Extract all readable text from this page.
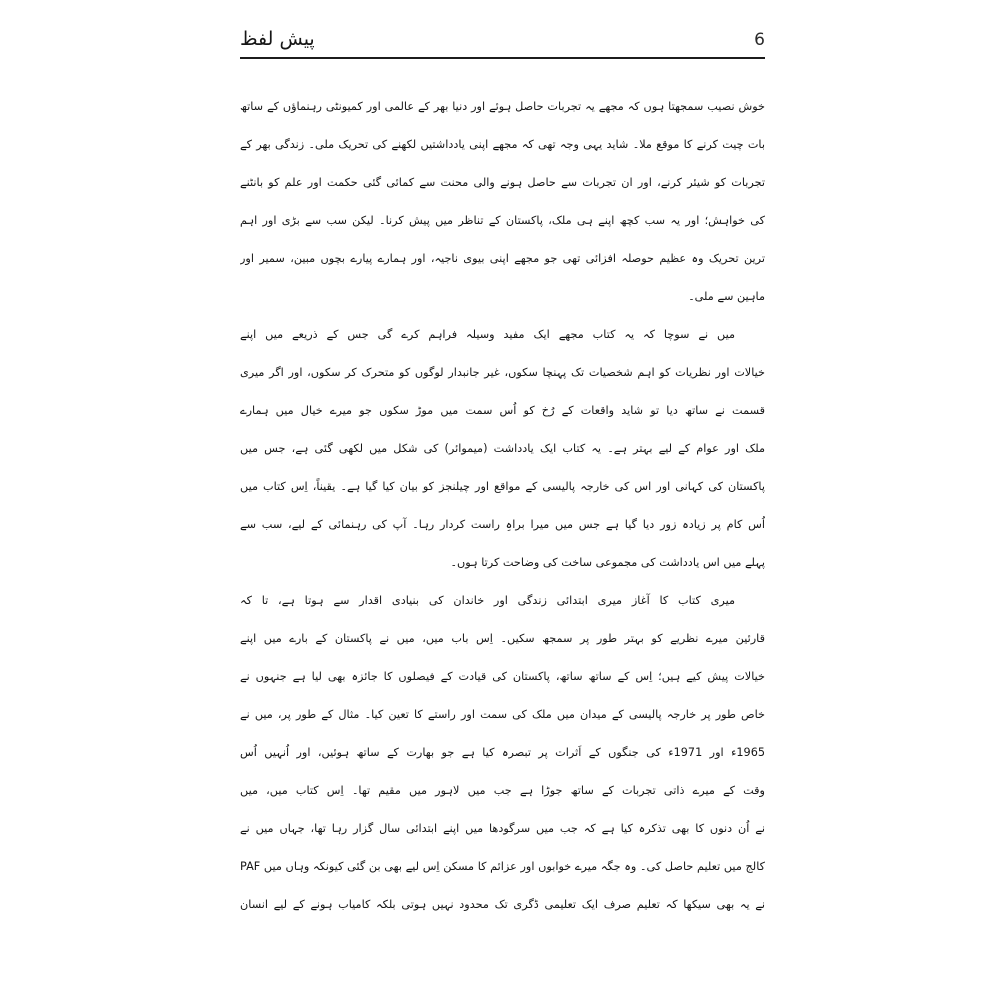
پیش لفظ	6
خوش نصیب سمجھتا ہوں کہ مجھے یہ تجربات حاصل ہوئے اور دنیا بھر کے عالمی اور کمیونٹی رہنماؤں کے ساتھ
بات چیت کرنے کا موقع ملا۔ شاید یہی وجہ تھی کہ مجھے اپنی یادداشتیں لکھنے کی تحریک ملی۔ زندگی بھر کے
تجربات کو شیئر کرنے، اور ان تجربات سے حاصل ہونے والی محنت سے کمائی گئی حکمت اور علم کو بانٹنے
کی خواہش؛ اور یہ سب کچھ اپنے ہی ملک، پاکستان کے تناظر میں پیش کرنا۔ لیکن سب سے بڑی اور اہم
ترین تحریک وہ عظیم حوصلہ افزائی تھی جو مجھے اپنی بیوی ناجیہ، اور ہمارے پیارے بچوں مبین، سمیر اور
ماہین سے ملی۔
میں نے سوچا کہ یہ کتاب مجھے ایک مفید وسیلہ فراہم کرے گی جس کے ذریعے میں اپنے
خیالات اور نظریات کو اہم شخصیات تک پہنچا سکوں، غیر جانبدار لوگوں کو متحرک کر سکوں، اور اگر میری
قسمت نے ساتھ دیا تو شاید واقعات کے رُخ کو اُس سمت میں موڑ سکوں جو میرے خیال میں ہمارے
ملک اور عوام کے لیے بہتر ہے۔ یہ کتاب ایک یادداشت (میموائر) کی شکل میں لکھی گئی ہے، جس میں
پاکستان کی کہانی اور اس کی خارجہ پالیسی کے مواقع اور چیلنجز کو بیان کیا گیا ہے۔ یقیناً، اِس کتاب میں
اُس کام پر زیادہ زور دیا گیا ہے جس میں میرا براہِ راست کردار رہا۔ آپ کی رہنمائی کے لیے، سب سے
پہلے میں اس یادداشت کی مجموعی ساخت کی وضاحت کرتا ہوں۔
میری کتاب کا آغاز میری ابتدائی زندگی اور خاندان کی بنیادی اقدار سے ہوتا ہے، تا کہ
قارئین میرے نظریے کو بہتر طور پر سمجھ سکیں۔ اِس باب میں، میں نے پاکستان کے بارے میں اپنے
خیالات پیش کیے ہیں؛ اِس کے ساتھ ساتھ، پاکستان کی قیادت کے فیصلوں کا جائزہ بھی لیا ہے جنہوں نے
خاص طور پر خارجہ پالیسی کے میدان میں ملک کی سمت اور راستے کا تعین کیا۔ مثال کے طور پر، میں نے
1965ء اور 1971ء کی جنگوں کے اَثرات پر تبصرہ کیا ہے جو بھارت کے ساتھ ہوئیں، اور اُنہیں اُس
وقت کے میرے ذاتی تجربات کے ساتھ جوڑا ہے جب میں لاہور میں مقیم تھا۔ اِس کتاب میں، میں
نے اُن دنوں کا بھی تذکرہ کیا ہے کہ جب میں سرگودھا میں اپنے ابتدائی سال گزار رہا تھا، جہاں میں نے
PAF کالج میں تعلیم حاصل کی۔ وہ جگہ میرے خوابوں اور عزائم کا مسکن اِس لیے بھی بن گئی کیونکہ وہاں میں
نے یہ بھی سیکھا کہ تعلیم صرف ایک تعلیمی ڈگری تک محدود نہیں ہوتی بلکہ کامیاب ہونے کے لیے انسان
